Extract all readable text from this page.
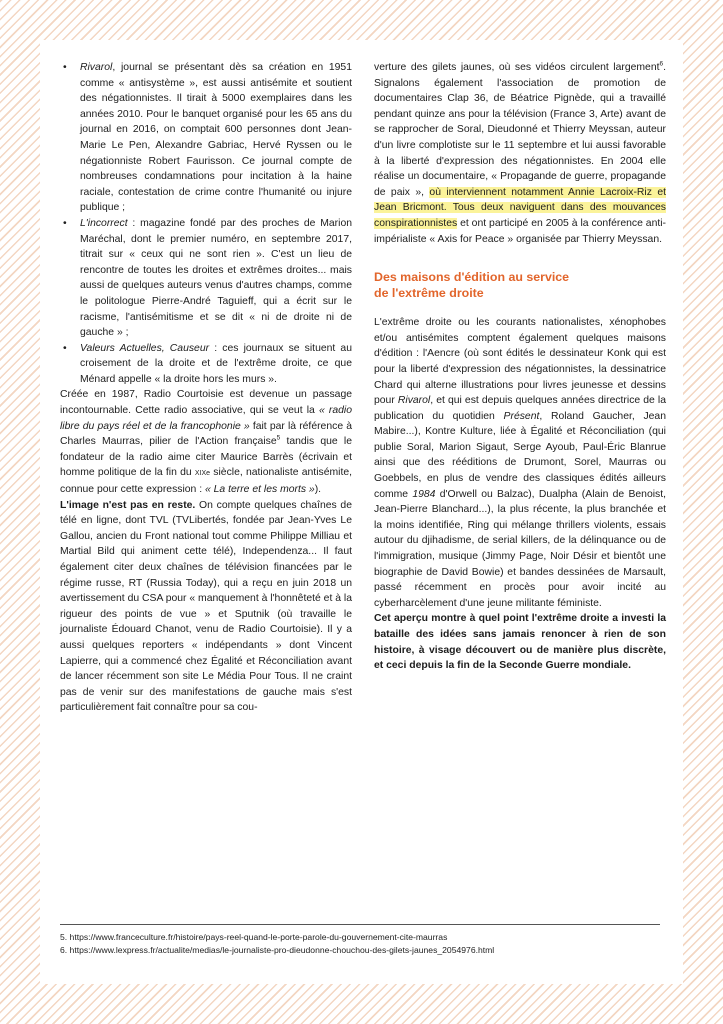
• Rivarol, journal se présentant dès sa création en 1951 comme « antisystème », est aussi antisémite et soutient des négationnistes. Il tirait à 5000 exemplaires dans les années 2010. Pour le banquet organisé pour les 65 ans du journal en 2016, on comptait 600 personnes dont Jean-Marie Le Pen, Alexandre Gabriac, Hervé Ryssen ou le négationniste Robert Faurisson. Ce journal compte de nombreuses condamnations pour incitation à la haine raciale, contestation de crime contre l'humanité ou injure publique ;
• L'incorrect : magazine fondé par des proches de Marion Maréchal, dont le premier numéro, en septembre 2017, titrait sur « ceux qui ne sont rien ». C'est un lieu de rencontre de toutes les droites et extrêmes droites... mais aussi de quelques auteurs venus d'autres champs, comme le politologue Pierre-André Taguieff, qui a écrit sur le racisme, l'antisémitisme et se dit « ni de droite ni de gauche » ;
• Valeurs Actuelles, Causeur : ces journaux se situent au croisement de la droite et de l'extrême droite, ce que Ménard appelle « la droite hors les murs ».

Créée en 1987, Radio Courtoisie est devenue un passage incontournable. Cette radio associative, qui se veut la « radio libre du pays réel et de la francophonie » fait par là référence à Charles Maurras, pilier de l'Action française$^5$ tandis que le fondateur de la radio aime citer Maurice Barrès (écrivain et homme politique de la fin du XIXe siècle, nationaliste antisémite, connue pour cette expression : « La terre et les morts »).

L'image n'est pas en reste. On compte quelques chaînes de télé en ligne, dont TVL (TVLibertés, fondée par Jean-Yves Le Gallou, ancien du Front national tout comme Philippe Milliau et Martial Bild qui animent cette télé), Independenza... Il faut également citer deux chaînes de télévision financées par le régime russe, RT (Russia Today), qui a reçu en juin 2018 un avertissement du CSA pour « manquement à l'honnêteté et à la rigueur des points de vue » et Sputnik (où travaille le journaliste Édouard Chanot, venu de Radio Courtoisie). Il y a aussi quelques reporters « indépendants » dont Vincent Lapierre, qui a commencé chez Égalité et Réconciliation avant de lancer récemment son site Le Média Pour Tous. Il ne craint pas de venir sur des manifestations de gauche mais s'est particulièrement fait connaître pour sa cou-

verture des gilets jaunes, où ses vidéos circulent largement$^6$. Signalons également l'association de promotion de documentaires Clap 36, de Béatrice Pignède, qui a travaillé pendant quinze ans pour la télévision (France 3, Arte) avant de se rapprocher de Soral, Dieudonné et Thierry Meyssan, auteur d'un livre complotiste sur le 11 septembre et lui aussi favorable à la liberté d'expression des négationnistes. En 2004 elle réalise un documentaire, « Propagande de guerre, propagande de paix », où interviennent notamment Annie Lacroix-Riz et Jean Bricmont. Tous deux naviguent dans des mouvances conspirationnistes et ont participé en 2005 à la conférence anti-impérialiste « Axis for Peace » organisée par Thierry Meyssan.

Des maisons d'édition au service
de l'extrême droite

L'extrême droite ou les courants nationalistes, xénophobes et/ou antisémites comptent également quelques maisons d'édition : l'Aencre (où sont édités le dessinateur Konk qui est pour la liberté d'expression des négationnistes, la dessinatrice Chard qui alterne illustrations pour livres jeunesse et dessins pour Rivarol, et qui est depuis quelques années directrice de la publication du quotidien Présent, Roland Gaucher, Jean Mabire...), Kontre Kulture, liée à Égalité et Réconciliation (qui publie Soral, Marion Sigaut, Serge Ayoub, Paul-Éric Blanrue ainsi que des rééditions de Drumont, Sorel, Maurras ou Goebbels, en plus de vendre des classiques édités ailleurs comme 1984 d'Orwell ou Balzac), Dualpha (Alain de Benoist, Jean-Pierre Blanchard...), la plus récente, la plus branchée et la moins identifiée, Ring qui mélange thrillers violents, essais autour du djihadisme, de serial killers, de la délinquance ou de l'immigration, musique (Jimmy Page, Noir Désir et bientôt une biographie de David Bowie) et bandes dessinées de Marsault, passé récemment en procès pour avoir incité au cyberharcèlement d'une jeune militante féministe.

Cet aperçu montre à quel point l'extrême droite a investi la bataille des idées sans jamais renoncer à rien de son histoire, à visage découvert ou de manière plus discrète, et ceci depuis la fin de la Seconde Guerre mondiale.

5. https://www.franceculture.fr/histoire/pays-reel-quand-le-porte-parole-du-gouvernement-cite-maurras
6. https://www.lexpress.fr/actualite/medias/le-journaliste-pro-dieudonne-chouchou-des-gilets-jaunes_2054976.html
